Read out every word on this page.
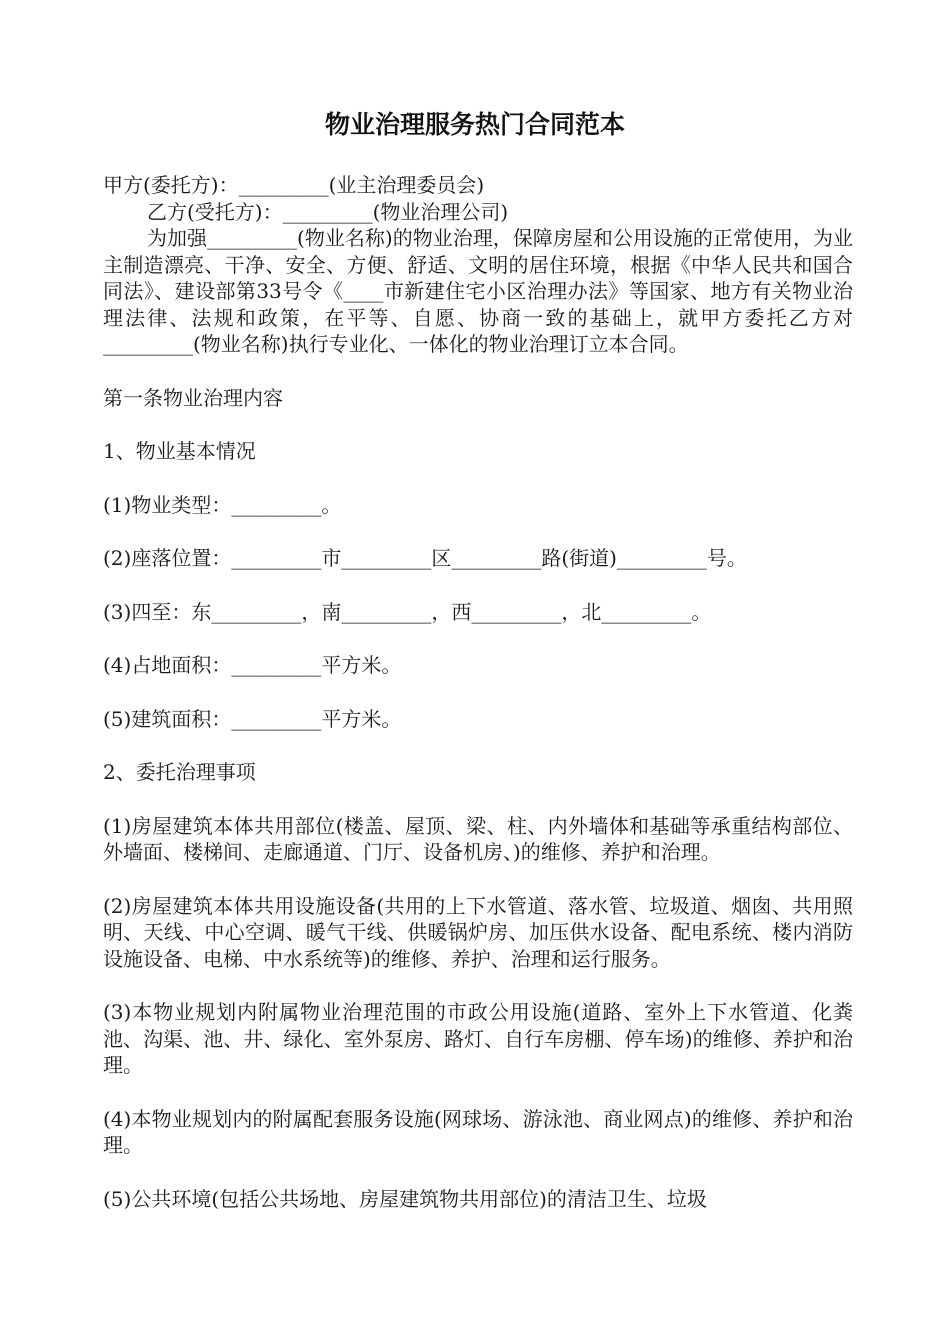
物业治理服务热门合同范本

甲方(委托方)：_________(业主治理委员会)

乙方(受托方)：_________(物业治理公司)

为加强_________(物业名称)的物业治理，保障房屋和公用设施的正常使用，为业主制造漂亮、干净、安全、方便、舒适、文明的居住环境，根据《中华人民共和国合同法》、建设部第33号令《____市新建住宅小区治理办法》等国家、地方有关物业治理法律、法规和政策，在平等、自愿、协商一致的基础上，就甲方委托乙方对_________(物业名称)执行专业化、一体化的物业治理订立本合同。

第一条物业治理内容

1、物业基本情况

(1)物业类型：_________。

(2)座落位置：_________市_________区_________路(街道)_________号。

(3)四至：东_________，南_________，西_________，北_________。

(4)占地面积：_________平方米。

(5)建筑面积：_________平方米。

2、委托治理事项

(1)房屋建筑本体共用部位(楼盖、屋顶、梁、柱、内外墙体和基础等承重结构部位、外墙面、楼梯间、走廊通道、门厅、设备机房、)的维修、养护和治理。

(2)房屋建筑本体共用设施设备(共用的上下水管道、落水管、垃圾道、烟囱、共用照明、天线、中心空调、暖气干线、供暖锅炉房、加压供水设备、配电系统、楼内消防设施设备、电梯、中水系统等)的维修、养护、治理和运行服务。

(3)本物业规划内附属物业治理范围的市政公用设施(道路、室外上下水管道、化粪池、沟渠、池、井、绿化、室外泵房、路灯、自行车房棚、停车场)的维修、养护和治理。

(4)本物业规划内的附属配套服务设施(网球场、游泳池、商业网点)的维修、养护和治理。

(5)公共环境(包括公共场地、房屋建筑物共用部位)的清洁卫生、垃圾
